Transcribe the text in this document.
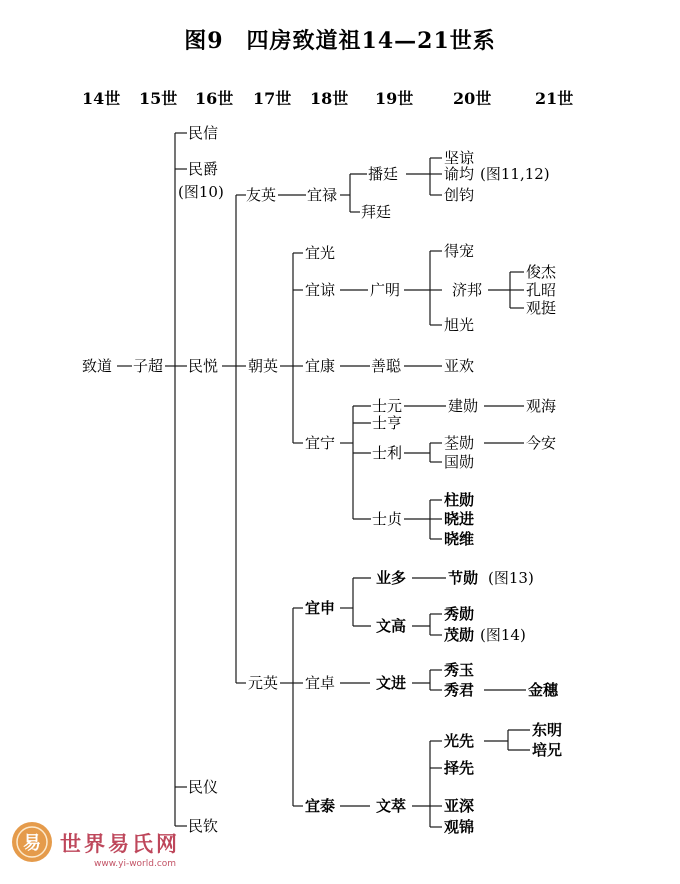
图9　四房致道祖14—21世系
14世 15世 16世 17世 18世 19世 20世	21世
致道 子超
民信
民爵
(图10)
民悦
民仪
民钦
友英
朝英
元英
宜禄
宜光
宜谅
宜康
宜宁
宜申
宜卓
宜泰
播廷
拜廷
广明
善聪
士元
士亨
士利
士贞
业多
文高
文进
文萃
坚谅
谕均 (图11,12)
创钧
得宠
济邦
旭光
亚欢
建勋
荃勋
国勋
柱勋
晓进
晓维
节勋 (图13)
秀勋
茂勋 (图14)
秀玉
秀君
光先
择先
亚深
观锦
俊杰
孔昭
观挺
观海
今安
金穗
东明
培兄
易 世界易氏网
www.yi-world.com
